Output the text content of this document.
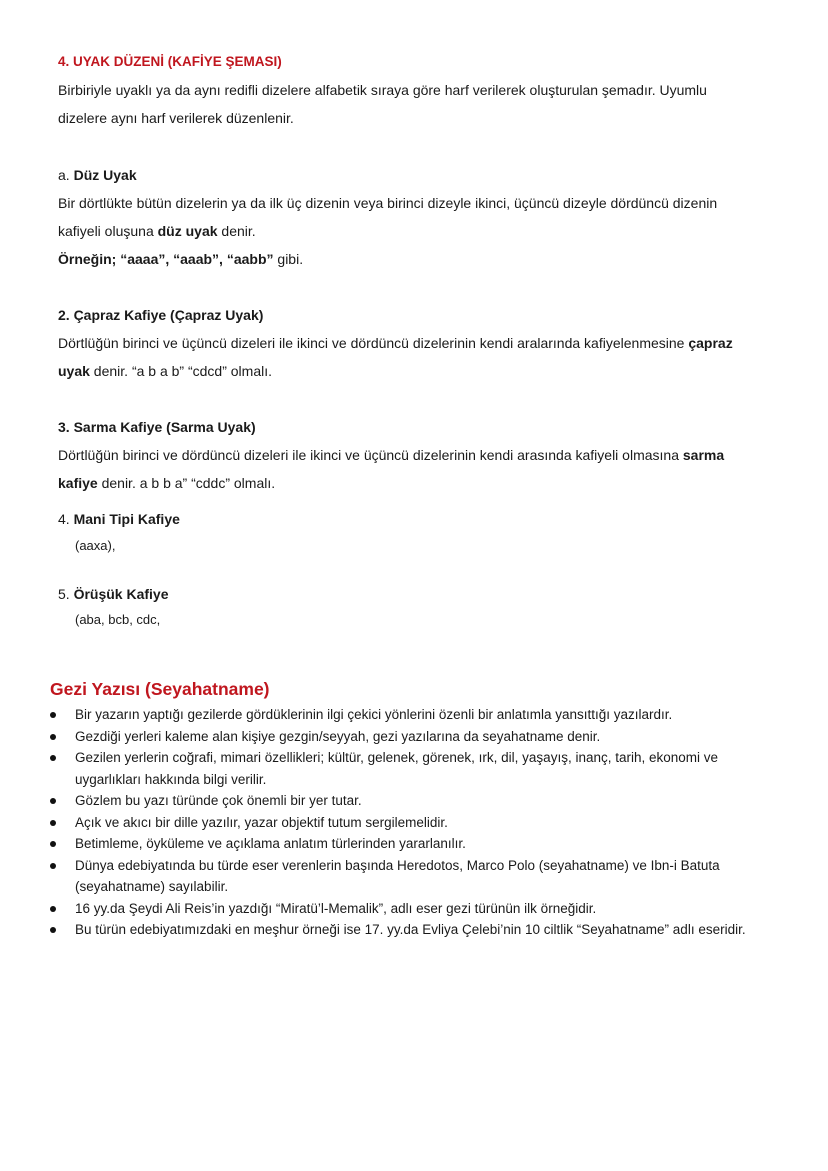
4. UYAK DÜZENİ (KAFİYE ŞEMASI)
Birbiriyle uyaklı ya da aynı redifli dizelere alfabetik sıraya göre harf verilerek oluşturulan şemadır. Uyumlu
dizelere aynı harf verilerek düzenlenir.
a. Düz Uyak
Bir dörtlükte bütün dizelerin ya da ilk üç dizenin veya birinci dizeyle ikinci, üçüncü dizeyle dördüncü dizenin
kafiyeli oluşuna düz uyak denir.
Örneğin; “aaaa”, “aaab”, “aabb” gibi.
2. Çapraz Kafiye (Çapraz Uyak)
Dörtlüğün birinci ve üçüncü dizeleri ile ikinci ve dördüncü dizelerinin kendi aralarında kafiyelenmesine çapraz
uyak denir. “a b a b” “cdcd” olmalı.
3. Sarma Kafiye (Sarma Uyak)
Dörtlüğün birinci ve dördüncü dizeleri ile ikinci ve üçüncü dizelerinin kendi arasında kafiyeli olmasına sarma
kafiye denir. a b b a” “cddc” olmalı.
4. Mani Tipi Kafiye
(aaxa),
5. Örüşük Kafiye
(aba, bcb, cdc,
Gezi Yazısı (Seyahatname)
Bir yazarın yaptığı gezilerde gördüklerinin ilgi çekici yönlerini özenli bir anlatımla yansıttığı yazılardır.
Gezdiği yerleri kaleme alan kişiye gezgin/seyyah, gezi yazılarına da seyahatname denir.
Gezilen yerlerin coğrafi, mimari özellikleri; kültür, gelenek, görenek, ırk, dil, yaşayış, inanç, tarih, ekonomi ve uygarlıkları hakkında bilgi verilir.
Gözlem bu yazı türünde çok önemli bir yer tutar.
Açık ve akıcı bir dille yazılır, yazar objektif tutum sergilemelidir.
Betimleme, öyküleme ve açıklama anlatım türlerinden yararlanılır.
Dünya edebiyatında bu türde eser verenlerin başında Heredotos, Marco Polo (seyahatname) ve Ibn-i Batuta (seyahatname) sayılabilir.
16 yy.da Şeydi Ali Reis’in yazdığı “Miratü’l-Memalik”, adlı eser gezi türünün ilk örneğidir.
Bu türün edebiyatımızdaki en meşhur örneği ise 17. yy.da Evliya Çelebi’nin 10 ciltlik “Seyahatname” adlı eseridir.
